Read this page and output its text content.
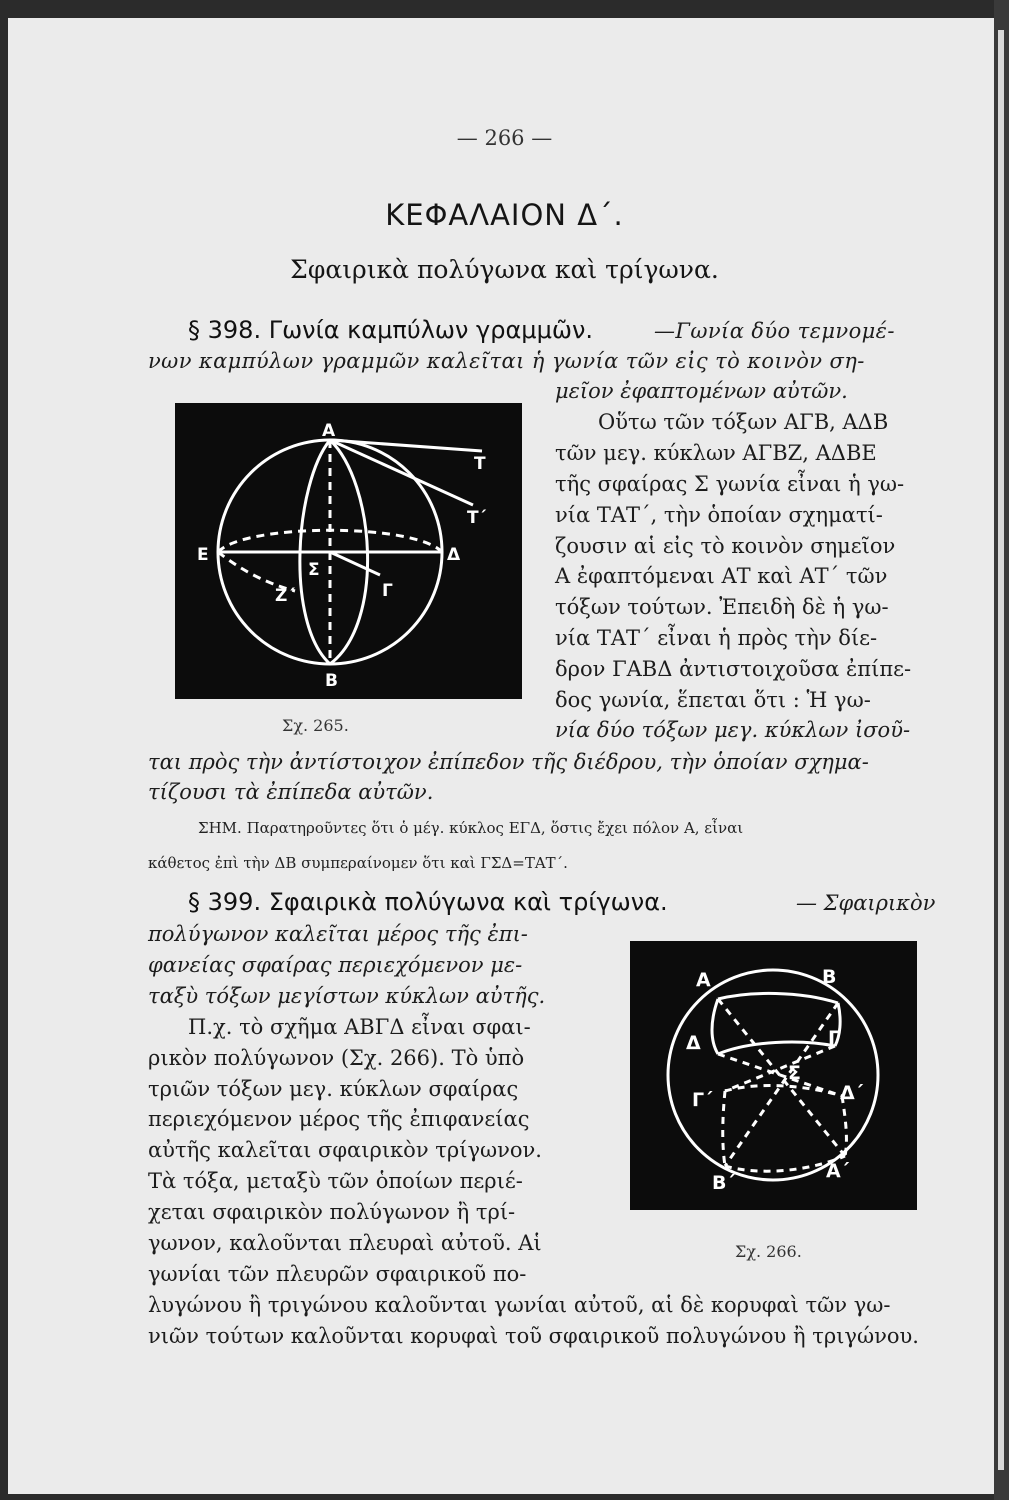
— 266 —
ΚΕΦΑΛΑΙΟΝ Δ΄.
Σφαιρικὰ πολύγωνα καὶ τρίγωνα.
§ 398. Γωνία καμπύλων γραμμῶν.	—Γωνία δύο τεμνομέ-
νων καμπύλων γραμμῶν καλεῖται ἡ γωνία τῶν εἰς τὸ κοινὸν ση-
μεῖον ἐφαπτομένων αὐτῶν.
Οὕτω τῶν τόξων ΑΓΒ, ΑΔΒ
τῶν μεγ. κύκλων ΑΓΒΖ, ΑΔΒΕ
τῆς σφαίρας Σ γωνία εἶναι ἡ γω-
νία ΤΑΤ΄, τὴν ὁποίαν σχηματί-
ζουσιν αἱ εἰς τὸ κοινὸν σημεῖον
Α ἐφαπτόμεναι ΑΤ καὶ ΑΤ΄ τῶν
τόξων τούτων. Ἐπειδὴ δὲ ἡ γω-
νία ΤΑΤ΄ εἶναι ἡ πρὸς τὴν δίε-
δρον ΓΑΒΔ ἀντιστοιχοῦσα ἐπίπε-
δος γωνία, ἕπεται ὅτι : Ἡ γω-
νία δύο τόξων μεγ. κύκλων ἰσοῦ-
ται πρὸς τὴν ἀντίστοιχον ἐπίπεδον τῆς διέδρου, τὴν ὁποίαν σχημα-
τίζουσι τὰ ἐπίπεδα αὐτῶν.
Α
Τ
Τ΄
Ε	Δ
Σ
Ζ΄	Γ
Β
Σχ. 265.
ΣΗΜ. Παρατηροῦντες ὅτι ὁ μέγ. κύκλος ΕΓΔ, ὅστις ἔχει πόλον Α, εἶναι
κάθετος ἐπὶ τὴν ΔΒ συμπεραίνομεν ὅτι καὶ ΓΣΔ=ΤΑΤ΄.
§ 399. Σφαιρικὰ πολύγωνα καὶ τρίγωνα.	— Σφαιρικὸν
πολύγωνον καλεῖται μέρος τῆς ἐπι-
φανείας σφαίρας περιεχόμενον με-
ταξὺ τόξων μεγίστων κύκλων αὐτῆς.
Π.χ. τὸ σχῆμα ΑΒΓΔ εἶναι σφαι-
ρικὸν πολύγωνον (Σχ. 266). Τὸ ὑπὸ
τριῶν τόξων μεγ. κύκλων σφαίρας
περιεχόμενον μέρος τῆς ἐπιφανείας
αὐτῆς καλεῖται σφαιρικὸν τρίγωνον.
Τὰ τόξα, μεταξὺ τῶν ὁποίων περιέ-
χεται σφαιρικὸν πολύγωνον ἢ τρί-
γωνον, καλοῦνται πλευραὶ αὐτοῦ. Αἱ
γωνίαι τῶν πλευρῶν σφαιρικοῦ πο-
λυγώνου ἢ τριγώνου καλοῦνται γωνίαι αὐτοῦ, αἱ δὲ κορυφαὶ τῶν γω-
νιῶν τούτων καλοῦνται κορυφαὶ τοῦ σφαιρικοῦ πολυγώνου ἢ τριγώνου.
Α	Β
Δ	Γ
Σ
Γ΄	Δ΄
Β΄
Α΄
Σχ. 266.
